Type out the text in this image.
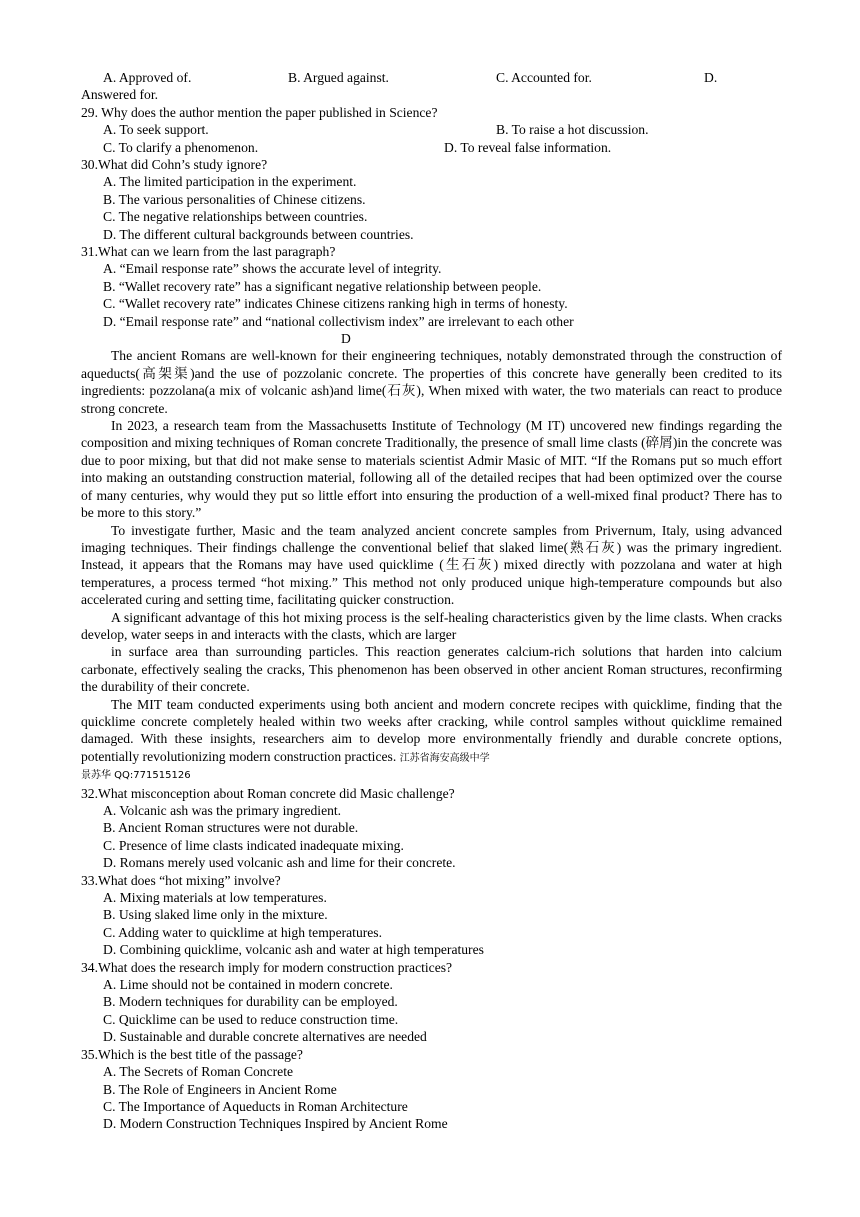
A. Approved of.	B. Argued against.	C. Accounted for.	D.
Answered for.
29. Why does the author mention the paper published in Science?
A. To seek support.	B. To raise a hot discussion.
C. To clarify a phenomenon.	D. To reveal false information.
30.What did Cohn’s study ignore?
A. The limited participation in the experiment.
B. The various personalities of Chinese citizens.
C. The negative relationships between countries.
D. The different cultural backgrounds between countries.
31.What can we learn from the last paragraph?
A. “Email response rate” shows the accurate level of integrity.
B. “Wallet recovery rate” has a significant negative relationship between people.
C. “Wallet recovery rate” indicates Chinese citizens ranking high in terms of honesty.
D. “Email response rate” and “national collectivism index” are irrelevant to each other
D

The ancient Romans are well-known for their engineering techniques, notably demonstrated through the construction of aqueducts(高架渠)and the use of pozzolanic concrete. The properties of this concrete have generally been credited to its ingredients: pozzolana(a mix of volcanic ash)and lime(石灰), When mixed with water, the two materials can react to produce strong concrete.

In 2023, a research team from the Massachusetts Institute of Technology (M IT) uncovered new findings regarding the composition and mixing techniques of Roman concrete Traditionally, the presence of small lime clasts (碎屑)in the concrete was due to poor mixing, but that did not make sense to materials scientist Admir Masic of MIT. “If the Romans put so much effort into making an outstanding construction material, following all of the detailed recipes that had been optimized over the course of many centuries, why would they put so little effort into ensuring the production of a well-mixed final product? There has to be more to this story.”

To investigate further, Masic and the team analyzed ancient concrete samples from Privernum, Italy, using advanced imaging techniques. Their findings challenge the conventional belief that slaked lime(熟石灰) was the primary ingredient. Instead, it appears that the Romans may have used quicklime (生石灰) mixed directly with pozzolana and water at high temperatures, a process termed “hot mixing.” This method not only produced unique high-temperature compounds but also accelerated curing and setting time, facilitating quicker construction.

A significant advantage of this hot mixing process is the self-healing characteristics given by the lime clasts. When cracks develop, water seeps in and interacts with the clasts, which are larger

in surface area than surrounding particles. This reaction generates calcium-rich solutions that harden into calcium carbonate, effectively sealing the cracks, This phenomenon has been observed in other ancient Roman structures, reconfirming the durability of their concrete.

The MIT team conducted experiments using both ancient and modern concrete recipes with quicklime, finding that the quicklime concrete completely healed within two weeks after cracking, while control samples without quicklime remained damaged. With these insights, researchers aim to develop more environmentally friendly and durable concrete options, potentially revolutionizing modern construction practices. 江苏省海安高级中学

景苏华 QQ:771515126
32.What misconception about Roman concrete did Masic challenge?
A. Volcanic ash was the primary ingredient.
B. Ancient Roman structures were not durable.
C. Presence of lime clasts indicated inadequate mixing.
D. Romans merely used volcanic ash and lime for their concrete.
33.What does “hot mixing” involve?
A. Mixing materials at low temperatures.
B. Using slaked lime only in the mixture.
C. Adding water to quicklime at high temperatures.
D. Combining quicklime, volcanic ash and water at high temperatures
34.What does the research imply for modern construction practices?
A. Lime should not be contained in modern concrete.
B. Modern techniques for durability can be employed.
C. Quicklime can be used to reduce construction time.
D. Sustainable and durable concrete alternatives are needed
35.Which is the best title of the passage?
A. The Secrets of Roman Concrete
B. The Role of Engineers in Ancient Rome
C. The Importance of Aqueducts in Roman Architecture
D. Modern Construction Techniques Inspired by Ancient Rome
